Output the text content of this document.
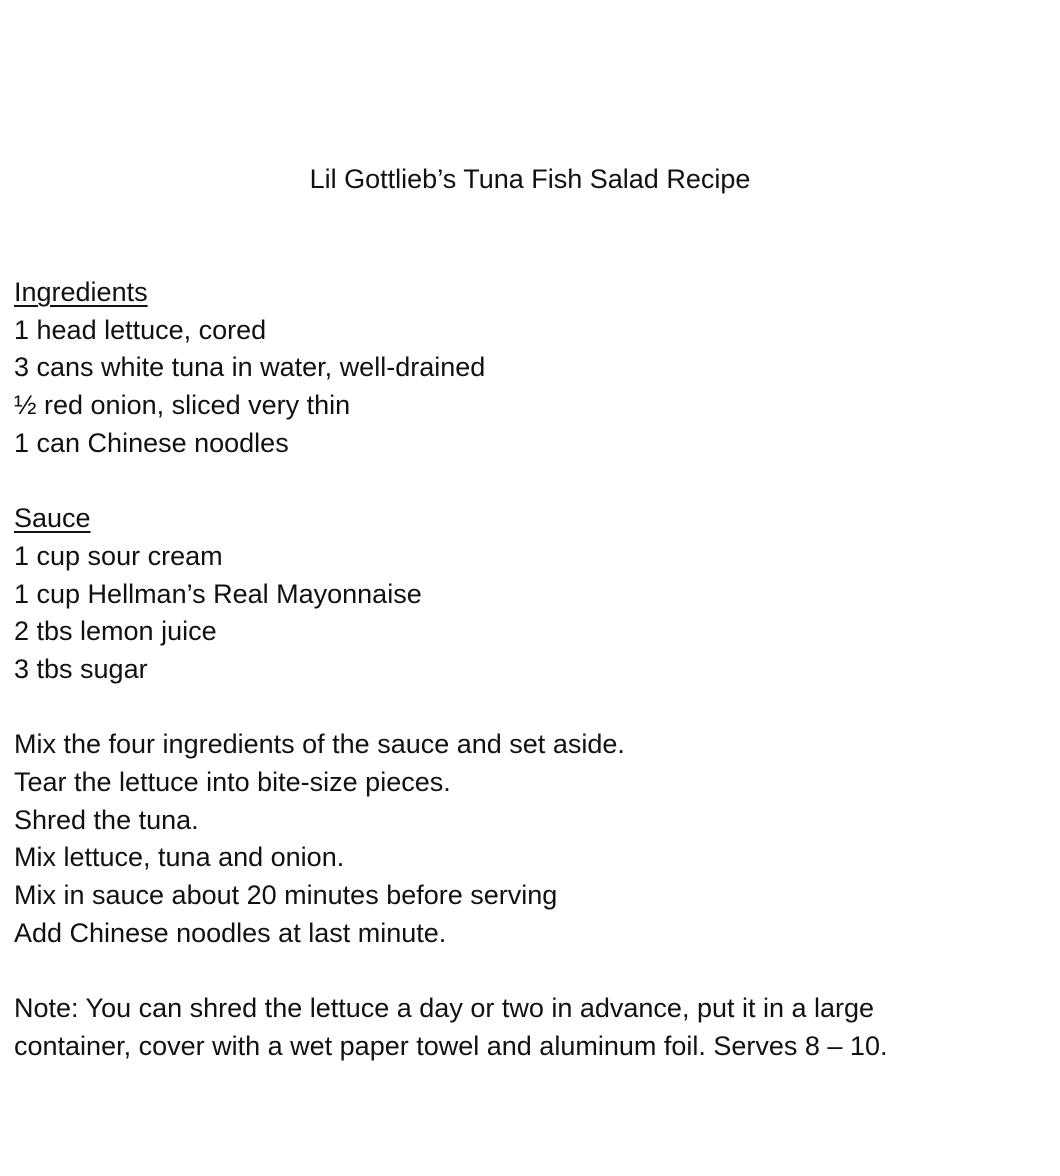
Lil Gottlieb’s Tuna Fish Salad Recipe
Ingredients
1 head lettuce, cored
3 cans white tuna in water, well-drained
½ red onion, sliced very thin
1 can Chinese noodles
Sauce
1 cup sour cream
1 cup Hellman’s Real Mayonnaise
2 tbs lemon juice
3 tbs sugar
Mix the four ingredients of the sauce and set aside.
Tear the lettuce into bite-size pieces.
Shred the tuna.
Mix lettuce, tuna and onion.
Mix in sauce about 20 minutes before serving
Add Chinese noodles at last minute.
Note: You can shred the lettuce a day or two in advance, put it in a large
container, cover with a wet paper towel and aluminum foil. Serves 8 – 10.
